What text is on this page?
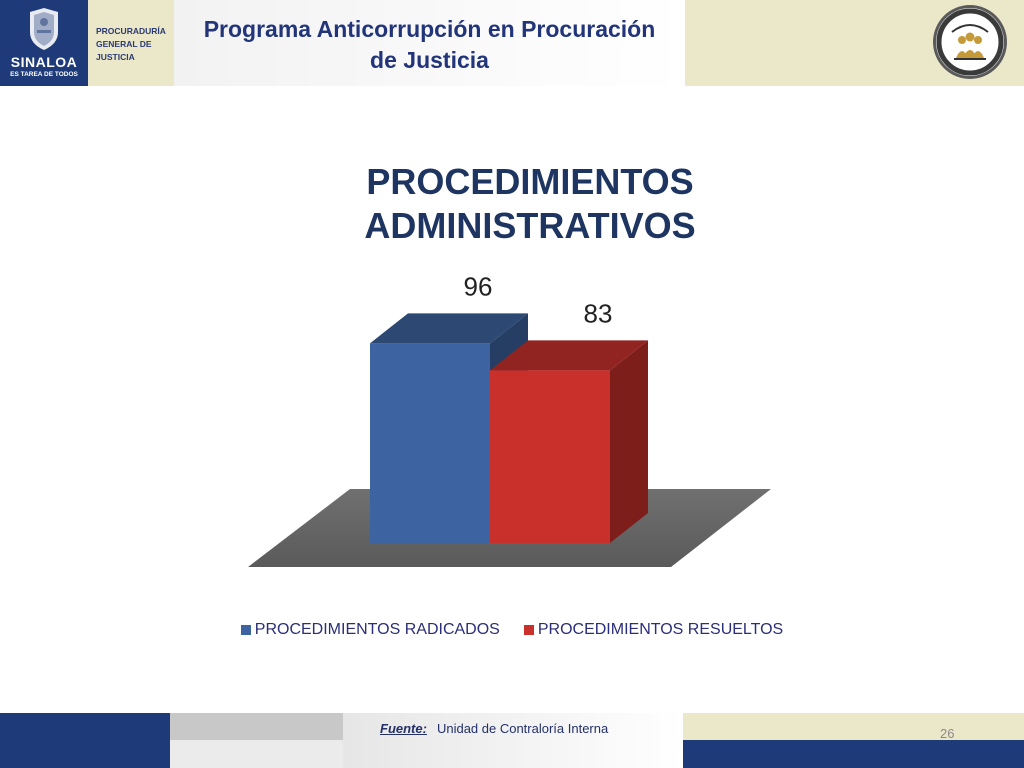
SINALOA
ES TAREA DE TODOS
PROCURADURÍA
GENERAL DE
JUSTICIA
Programa Anticorrupción en Procuración
de Justicia
PROCEDIMIENTOS ADMINISTRATIVOS
96
83
PROCEDIMIENTOS RADICADOS PROCEDIMIENTOS RESUELTOS
Fuente: Unidad de Contraloría Interna	26
